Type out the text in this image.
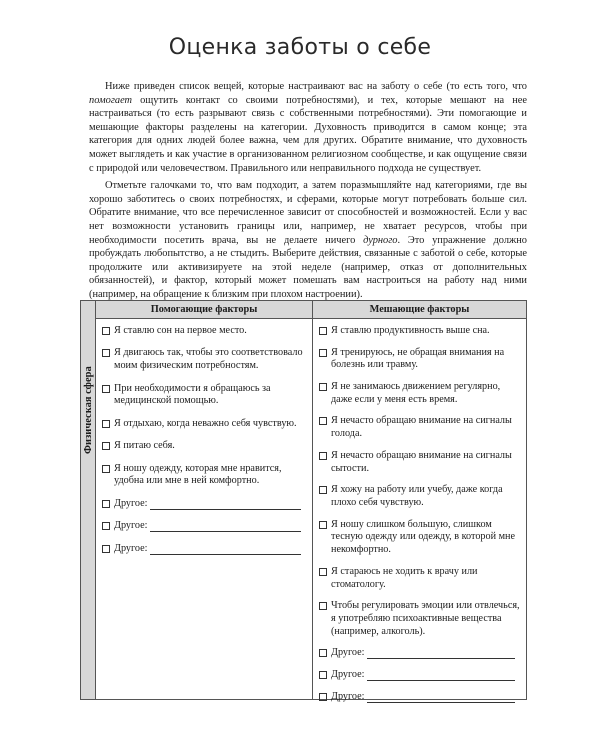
Оценка заботы о себе

Ниже приведен список вещей, которые настраивают вас на заботу о себе (то есть того, что помогает ощутить контакт со своими потребностями), и тех, которые мешают на нее настраиваться (то есть разрывают связь с собственными потребностями). Эти помогающие и мешающие факторы разделены на категории. Духовность приводится в самом конце; эта категория для одних людей более важна, чем для других. Обратите внимание, что духовность может выглядеть и как участие в организованном религиозном сообществе, и как ощущение связи с природой или человечеством. Правильного или неправильного подхода не существует.

Отметьте галочками то, что вам подходит, а затем поразмышляйте над категориями, где вы хорошо заботитесь о своих потребностях, и сферами, которые могут потребовать больше сил. Обратите внимание, что все перечисленное зависит от способностей и возможностей. Если у вас нет возможности установить границы или, например, не хватает ресурсов, чтобы при необходимости посетить врача, вы не делаете ничего дурного. Это упражнение должно пробуждать любопытство, а не стыдить. Выберите действия, связанные с заботой о себе, которые продолжите или активизируете на этой неделе (например, отказ от дополнительных обязанностей), и фактор, который может помешать вам настроиться на работу над ними (например, на обращение к близким при плохом настроении).

Помогающие факторы
Я ставлю сон на первое место.
Я двигаюсь так, чтобы это соответствовало моим физическим потребностям.
При необходимости я обращаюсь за медицинской помощью.
Я отдыхаю, когда неважно себя чувствую.
Я питаю себя.
Я ношу одежду, которая мне нравится, удобна или мне в ней комфортно.
Другое:
Другое:
Другое:
Мешающие факторы
Я ставлю продуктивность выше сна.
Я тренируюсь, не обращая внимания на болезнь или травму.
Я не занимаюсь движением регулярно, даже если у меня есть время.
Я нечасто обращаю внимание на сигналы голода.
Я нечасто обращаю внимание на сигналы сытости.
Я хожу на работу или учебу, даже когда плохо себя чувствую.
Я ношу слишком большую, слишком тесную одежду или одежду, в которой мне некомфортно.
Я стараюсь не ходить к врачу или стоматологу.
Чтобы регулировать эмоции или отвлечься, я употребляю психоактивные вещества (например, алкоголь).
Другое:
Другое:
Другое:
Физическая сфера
